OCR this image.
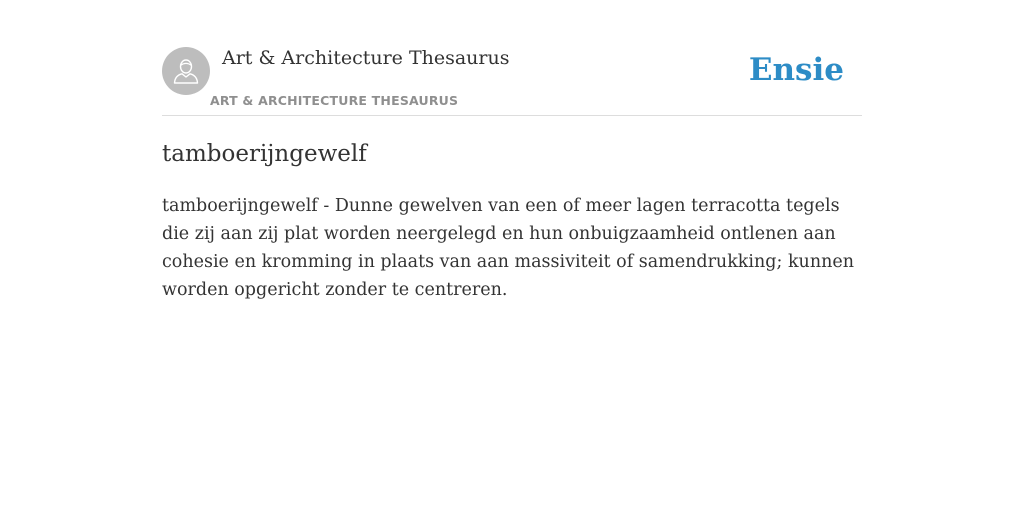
Art & Architecture Thesaurus
ART & ARCHITECTURE THESAURUS
Ensie
tamboerijngewelf

tamboerijngewelf - Dunne gewelven van een of meer lagen terracotta tegels die zij aan zij plat worden neergelegd en hun onbuigzaamheid ontlenen aan cohesie en kromming in plaats van aan massiviteit of samendrukking; kunnen worden opgericht zonder te centreren.
